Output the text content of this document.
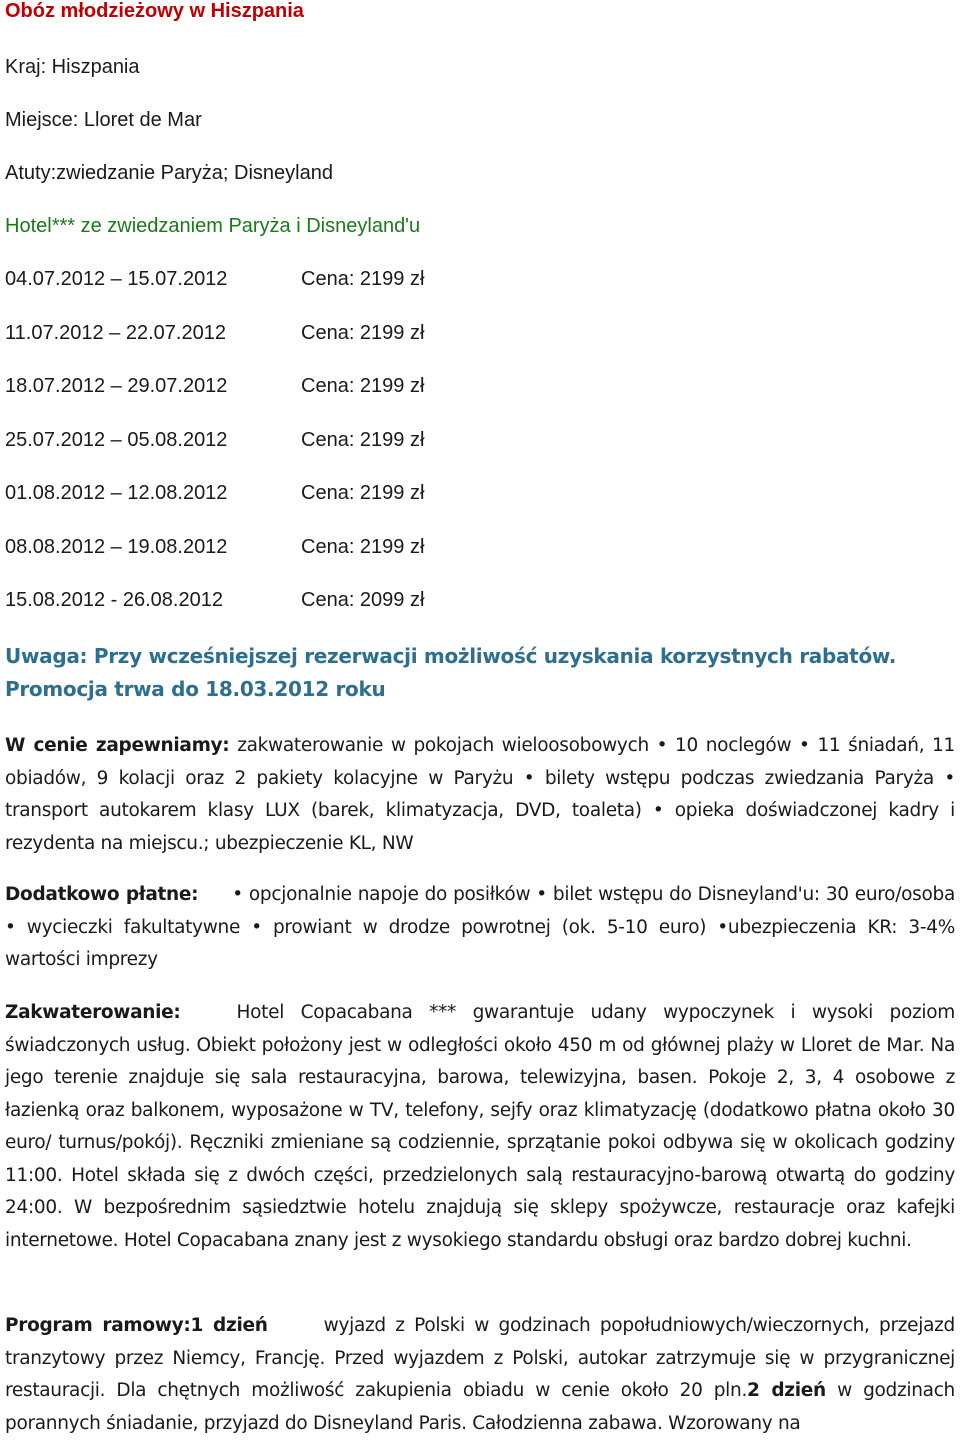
Obóz młodzieżowy w Hiszpania
Kraj: Hiszpania
Miejsce: Lloret de Mar
Atuty:zwiedzanie Paryża; Disneyland
Hotel*** ze zwiedzaniem Paryża i Disneyland'u
04.07.2012 – 15.07.2012	Cena: 2199 zł
11.07.2012 – 22.07.2012	Cena: 2199 zł
18.07.2012 – 29.07.2012	Cena: 2199 zł
25.07.2012 – 05.08.2012	Cena: 2199 zł
01.08.2012 – 12.08.2012	Cena: 2199 zł
08.08.2012 – 19.08.2012	Cena: 2199 zł
15.08.2012 - 26.08.2012	Cena: 2099 zł
Uwaga: Przy wcześniejszej rezerwacji możliwość uzyskania korzystnych rabatów. Promocja trwa do 18.03.2012 roku
W cenie zapewniamy: zakwaterowanie w pokojach wieloosobowych • 10 noclegów • 11 śniadań, 11 obiadów, 9 kolacji oraz 2 pakiety kolacyjne w Paryżu • bilety wstępu podczas zwiedzania Paryża • transport autokarem klasy LUX (barek, klimatyzacja, DVD, toaleta) • opieka doświadczonej kadry i rezydenta na miejscu.; ubezpieczenie KL, NW
Dodatkowo płatne: • opcjonalnie napoje do posiłków • bilet wstępu do Disneyland'u: 30 euro/osoba • wycieczki fakultatywne • prowiant w drodze powrotnej (ok. 5-10 euro) •ubezpieczenia KR: 3-4% wartości imprezy
Zakwaterowanie:	Hotel Copacabana *** gwarantuje udany wypoczynek i wysoki poziom świadczonych usług. Obiekt położony jest w odległości około 450 m od głównej plaży w Lloret de Mar. Na jego terenie znajduje się sala restauracyjna, barowa, telewizyjna, basen. Pokoje 2, 3, 4 osobowe z łazienką oraz balkonem, wyposażone w TV, telefony, sejfy oraz klimatyzację (dodatkowo płatna około 30 euro/ turnus/pokój). Ręczniki zmieniane są codziennie, sprzątanie pokoi odbywa się w okolicach godziny 11:00. Hotel składa się z dwóch części, przedzielonych salą restauracyjno-barową otwartą do godziny 24:00. W bezpośrednim sąsiedztwie hotelu znajdują się sklepy spożywcze, restauracje oraz kafejki internetowe. Hotel Copacabana znany jest z wysokiego standardu obsługi oraz bardzo dobrej kuchni.
Program ramowy:1 dzień	wyjazd z Polski w godzinach popołudniowych/wieczornych, przejazd tranzytowy przez Niemcy, Francję. Przed wyjazdem z Polski, autokar zatrzymuje się w przygranicznej restauracji. Dla chętnych możliwość zakupienia obiadu w cenie około 20 pln.2 dzień w godzinach porannych śniadanie, przyjazd do Disneyland Paris. Całodzienna zabawa. Wzorowany na
